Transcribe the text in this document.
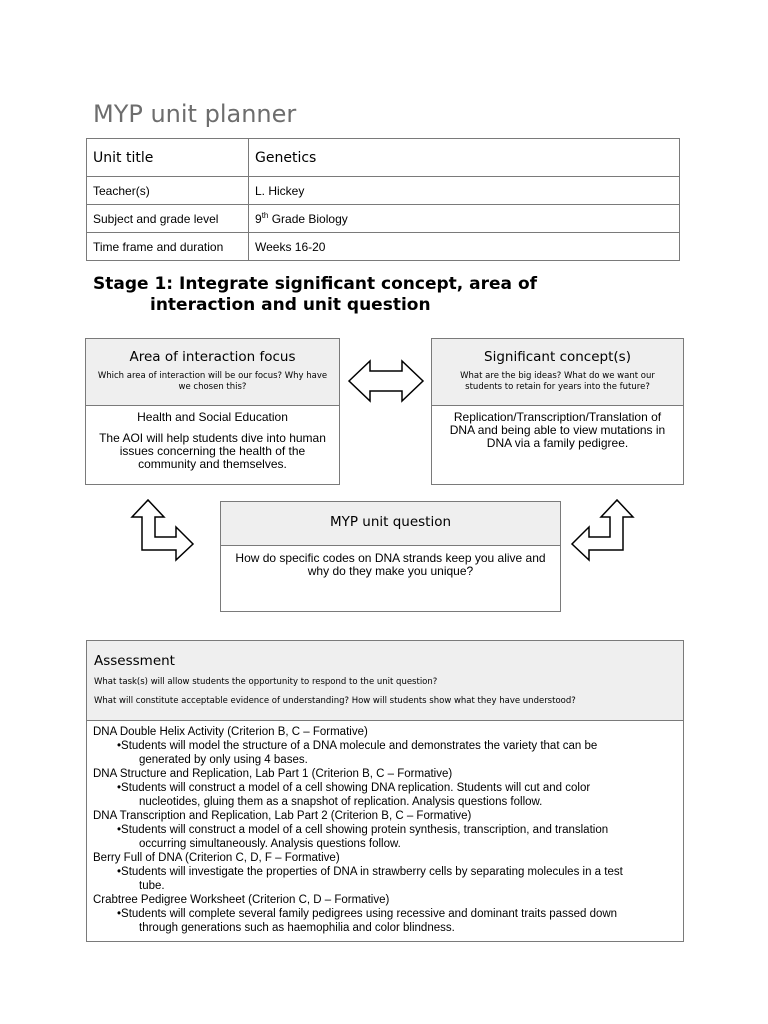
MYP unit planner
Unit title	Genetics
Teacher(s)	L. Hickey
Subject and grade level	9th Grade Biology
Time frame and duration	Weeks 16-20
Stage 1: Integrate significant concept, area of
interaction and unit question
Area of interaction focus
Which area of interaction will be our focus? Why have we chosen this?

Health and Social Education

The AOI will help students dive into human issues concerning the health of the community and themselves.

Significant concept(s)
What are the big ideas? What do we want our students to retain for years into the future?

Replication/Transcription/Translation of DNA and being able to view mutations in DNA via a family pedigree.

MYP unit question

How do specific codes on DNA strands keep you alive and why do they make you unique?

Assessment
What task(s) will allow students the opportunity to respond to the unit question?
What will constitute acceptable evidence of understanding? How will students show what they have understood?
DNA Double Helix Activity (Criterion B, C – Formative)
•Students will model the structure of a DNA molecule and demonstrates the variety that can be
generated by only using 4 bases.
DNA Structure and Replication, Lab Part 1 (Criterion B, C – Formative)
•Students will construct a model of a cell showing DNA replication. Students will cut and color
nucleotides, gluing them as a snapshot of replication. Analysis questions follow.
DNA Transcription and Replication, Lab Part 2 (Criterion B, C – Formative)
•Students will construct a model of a cell showing protein synthesis, transcription, and translation
occurring simultaneously. Analysis questions follow.
Berry Full of DNA (Criterion C, D, F – Formative)
•Students will investigate the properties of DNA in strawberry cells by separating molecules in a test
tube.
Crabtree Pedigree Worksheet (Criterion C, D – Formative)
•Students will complete several family pedigrees using recessive and dominant traits passed down
through generations such as haemophilia and color blindness.
